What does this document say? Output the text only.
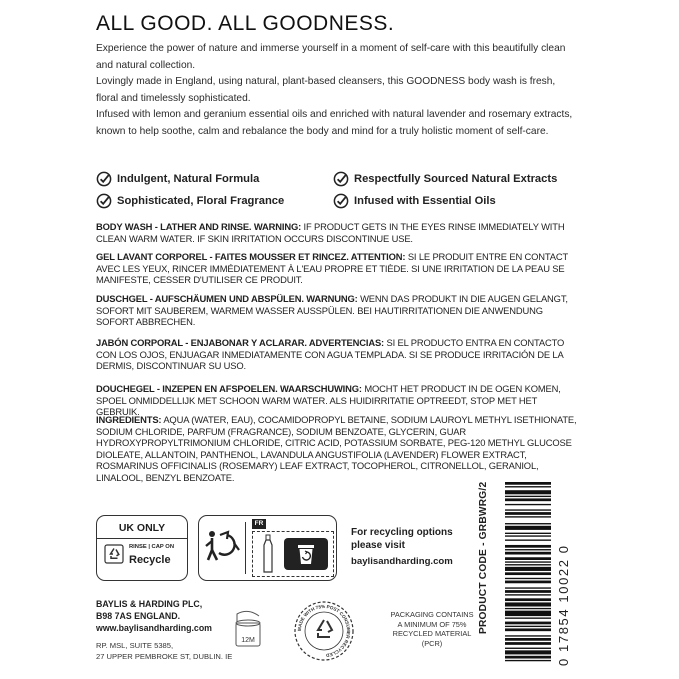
ALL GOOD. ALL GOODNESS.

Experience the power of nature and immerse yourself in a moment of self-care with this beautifully clean and natural collection.

Lovingly made in England, using natural, plant-based cleansers, this GOODNESS body wash is fresh, floral and timelessly sophisticated.

Infused with lemon and geranium essential oils and enriched with natural lavender and rosemary extracts, known to help soothe, calm and rebalance the body and mind for a truly holistic moment of self-care.

Indulgent, Natural Formula	Respectfully Sourced Natural Extracts
Sophisticated, Floral Fragrance	Infused with Essential Oils
BODY WASH - LATHER AND RINSE. WARNING: IF PRODUCT GETS IN THE EYES RINSE IMMEDIATELY WITH CLEAN WARM WATER. IF SKIN IRRITATION OCCURS DISCONTINUE USE.
GEL LAVANT CORPOREL - FAITES MOUSSER ET RINCEZ. ATTENTION: SI LE PRODUIT ENTRE EN CONTACT AVEC LES YEUX, RINCER IMMÉDIATEMENT À L'EAU PROPRE ET TIÈDE. SI UNE IRRITATION DE LA PEAU SE MANIFESTE, CESSER D'UTILISER CE PRODUIT.
DUSCHGEL - AUFSCHÄUMEN UND ABSPÜLEN. WARNUNG: WENN DAS PRODUKT IN DIE AUGEN GELANGT, SOFORT MIT SAUBEREM, WARMEM WASSER AUSSPÜLEN. BEI HAUTIRRITATIONEN DIE ANWENDUNG SOFORT ABBRECHEN.
JABÓN CORPORAL - ENJABONAR Y ACLARAR. ADVERTENCIAS: SI EL PRODUCTO ENTRA EN CONTACTO CON LOS OJOS, ENJUAGAR INMEDIATAMENTE CON AGUA TEMPLADA. SI SE PRODUCE IRRITACIÓN DE LA DERMIS, DISCONTINUAR SU USO.
DOUCHEGEL - INZEPEN EN AFSPOELEN. WAARSCHUWING: MOCHT HET PRODUCT IN DE OGEN KOMEN, SPOEL ONMIDDELLIJK MET SCHOON WARM WATER. ALS HUIDIRRITATIE OPTREEDT, STOP MET HET GEBRUIK.
INGREDIENTS: AQUA (WATER, EAU), COCAMIDOPROPYL BETAINE, SODIUM LAUROYL METHYL ISETHIONATE, SODIUM CHLORIDE, PARFUM (FRAGRANCE), SODIUM BENZOATE, GLYCERIN, GUAR HYDROXYPROPYLTRIMONIUM CHLORIDE, CITRIC ACID, POTASSIUM SORBATE, PEG-120 METHYL GLUCOSE DIOLEATE, ALLANTOIN, PANTHENOL, LAVANDULA ANGUSTIFOLIA (LAVENDER) FLOWER EXTRACT, ROSMARINUS OFFICINALIS (ROSEMARY) LEAF EXTRACT, TOCOPHEROL, CITRONELLOL, GERANIOL, LINALOOL, BENZYL BENZOATE.
UK ONLY
RINSE | CAP ON
Recycle
FR
For recycling options
please visit
baylisandharding.com
BAYLIS & HARDING PLC,
B98 7AS ENGLAND.
www.baylisandharding.com
RP. MSL, SUITE 5385,
27 UPPER PEMBROKE ST, DUBLIN. IE
12M
MADE WITH 75% POST CONSUMER RECYCLED
PACKAGING CONTAINS
A MINIMUM OF 75%
RECYCLED MATERIAL (PCR)
PRODUCT CODE - GRBWRG/2	0 17854 10022 0
